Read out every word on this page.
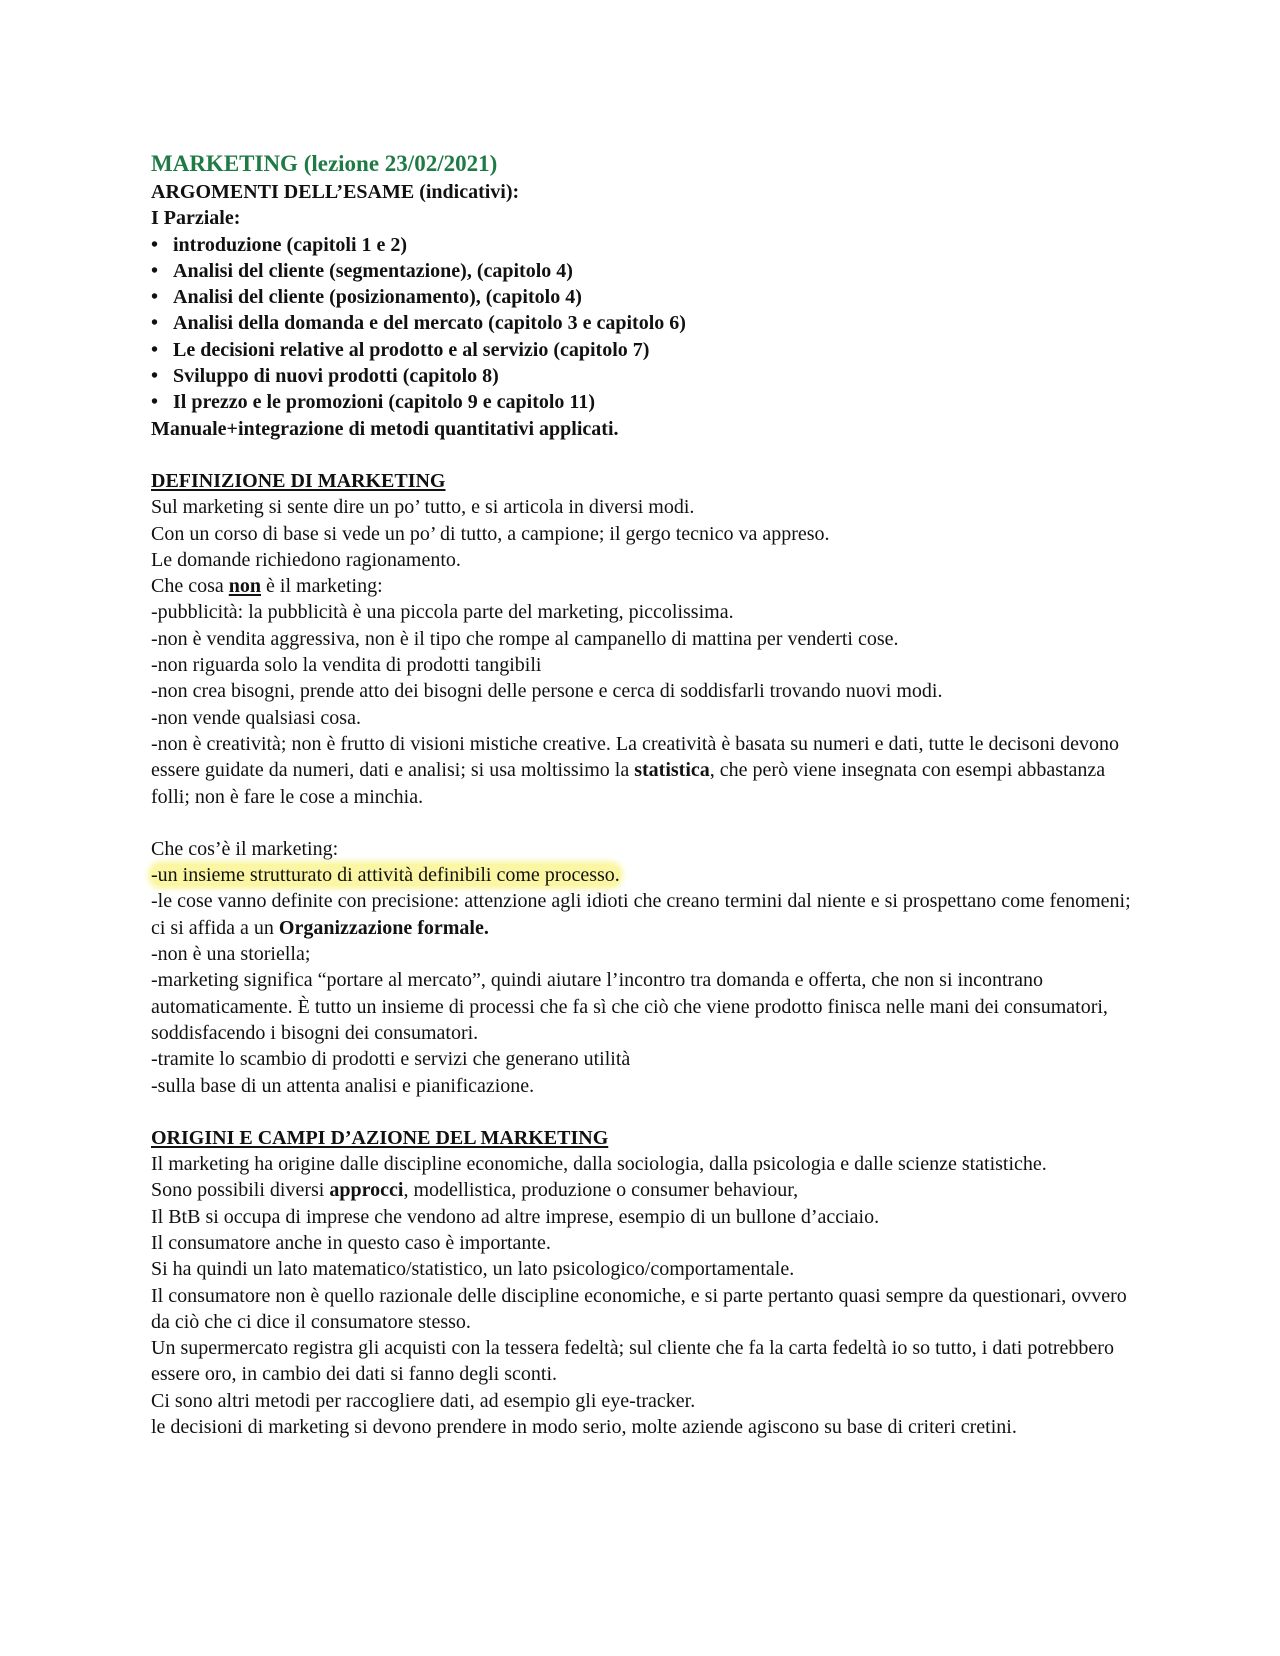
MARKETING (lezione 23/02/2021)
ARGOMENTI DELL’ESAME (indicativi):
I Parziale:
• introduzione (capitoli 1 e 2)
• Analisi del cliente (segmentazione), (capitolo 4)
• Analisi del cliente (posizionamento), (capitolo 4)
• Analisi della domanda e del mercato (capitolo 3 e capitolo 6)
• Le decisioni relative al prodotto e al servizio (capitolo 7)
• Sviluppo di nuovi prodotti (capitolo 8)
• Il prezzo e le promozioni (capitolo 9 e capitolo 11)
Manuale+integrazione di metodi quantitativi applicati.
DEFINIZIONE DI MARKETING

Sul marketing si sente dire un po’ tutto, e si articola in diversi modi.

Con un corso di base si vede un po’ di tutto, a campione; il gergo tecnico va appreso.

Le domande richiedono ragionamento.

Che cosa non è il marketing:

-pubblicità: la pubblicità è una piccola parte del marketing, piccolissima.

-non è vendita aggressiva, non è il tipo che rompe al campanello di mattina per venderti cose.

-non riguarda solo la vendita di prodotti tangibili

-non crea bisogni, prende atto dei bisogni delle persone e cerca di soddisfarli trovando nuovi modi.

-non vende qualsiasi cosa.

-non è creatività; non è frutto di visioni mistiche creative. La creatività è basata su numeri e dati, tutte le decisoni devono essere guidate da numeri, dati e analisi; si usa moltissimo la statistica, che però viene insegnata con esempi abbastanza folli; non è fare le cose a minchia.

Che cos’è il marketing:

-un insieme strutturato di attività definibili come processo.

-le cose vanno definite con precisione: attenzione agli idioti che creano termini dal niente e si prospettano come fenomeni; ci si affida a un Organizzazione formale.

-non è una storiella;

-marketing significa “portare al mercato”, quindi aiutare l’incontro tra domanda e offerta, che non si incontrano automaticamente. È tutto un insieme di processi che fa sì che ciò che viene prodotto finisca nelle mani dei consumatori, soddisfacendo i bisogni dei consumatori.

-tramite lo scambio di prodotti e servizi che generano utilità

-sulla base di un attenta analisi e pianificazione.

ORIGINI E CAMPI D’AZIONE DEL MARKETING

Il marketing ha origine dalle discipline economiche, dalla sociologia, dalla psicologia e dalle scienze statistiche.

Sono possibili diversi approcci, modellistica, produzione o consumer behaviour,

Il BtB si occupa di imprese che vendono ad altre imprese, esempio di un bullone d’acciaio.

Il consumatore anche in questo caso è importante.

Si ha quindi un lato matematico/statistico, un lato psicologico/comportamentale.

Il consumatore non è quello razionale delle discipline economiche, e si parte pertanto quasi sempre da questionari, ovvero da ciò che ci dice il consumatore stesso.

Un supermercato registra gli acquisti con la tessera fedeltà; sul cliente che fa la carta fedeltà io so tutto, i dati potrebbero essere oro, in cambio dei dati si fanno degli sconti.

Ci sono altri metodi per raccogliere dati, ad esempio gli eye-tracker.

le decisioni di marketing si devono prendere in modo serio, molte aziende agiscono su base di criteri cretini.
